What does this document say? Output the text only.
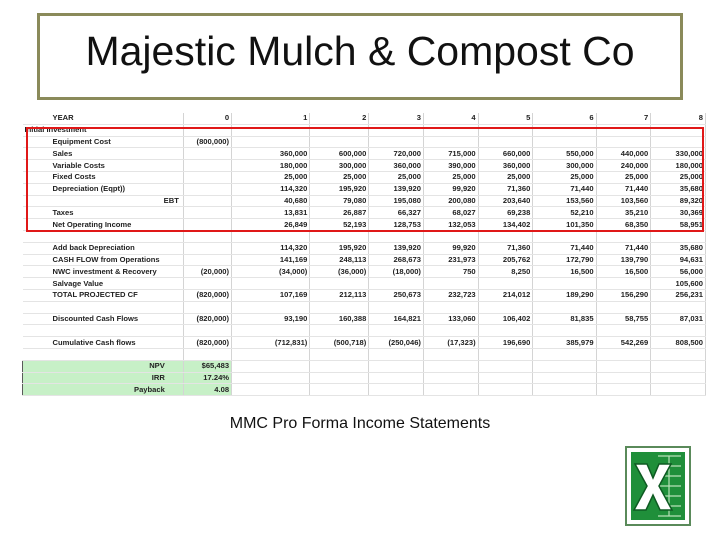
Majestic Mulch & Compost Co
YEAR	0	1	2	3	4	5	6	7	8
Initial Investment									
Equipment Cost	(800,000)								
Sales		360,000	600,000	720,000	715,000	660,000	550,000	440,000	330,000
Variable Costs		180,000	300,000	360,000	390,000	360,000	300,000	240,000	180,000
Fixed Costs		25,000	25,000	25,000	25,000	25,000	25,000	25,000	25,000
Depreciation (Eqpt))		114,320	195,920	139,920	99,920	71,360	71,440	71,440	35,680
EBT		40,680	79,080	195,080	200,080	203,640	153,560	103,560	89,320
Taxes		13,831	26,887	66,327	68,027	69,238	52,210	35,210	30,369
Net Operating Income		26,849	52,193	128,753	132,053	134,402	101,350	68,350	58,951

Add back Depreciation		114,320	195,920	139,920	99,920	71,360	71,440	71,440	35,680
CASH FLOW from Operations		141,169	248,113	268,673	231,973	205,762	172,790	139,790	94,631
NWC investment & Recovery	(20,000)	(34,000)	(36,000)	(18,000)	750	8,250	16,500	16,500	56,000
Salvage Value									105,600
TOTAL PROJECTED CF	(820,000)	107,169	212,113	250,673	232,723	214,012	189,290	156,290	256,231

Discounted Cash Flows	(820,000)	93,190	160,388	164,821	133,060	106,402	81,835	58,755	87,031

Cumulative Cash flows	(820,000)	(712,831)	(500,718)	(250,046)	(17,323)	196,690	385,979	542,269	808,500

NPV	$65,483								
IRR	17.24%								
Payback	4.08								
MMC Pro Forma Income Statements
